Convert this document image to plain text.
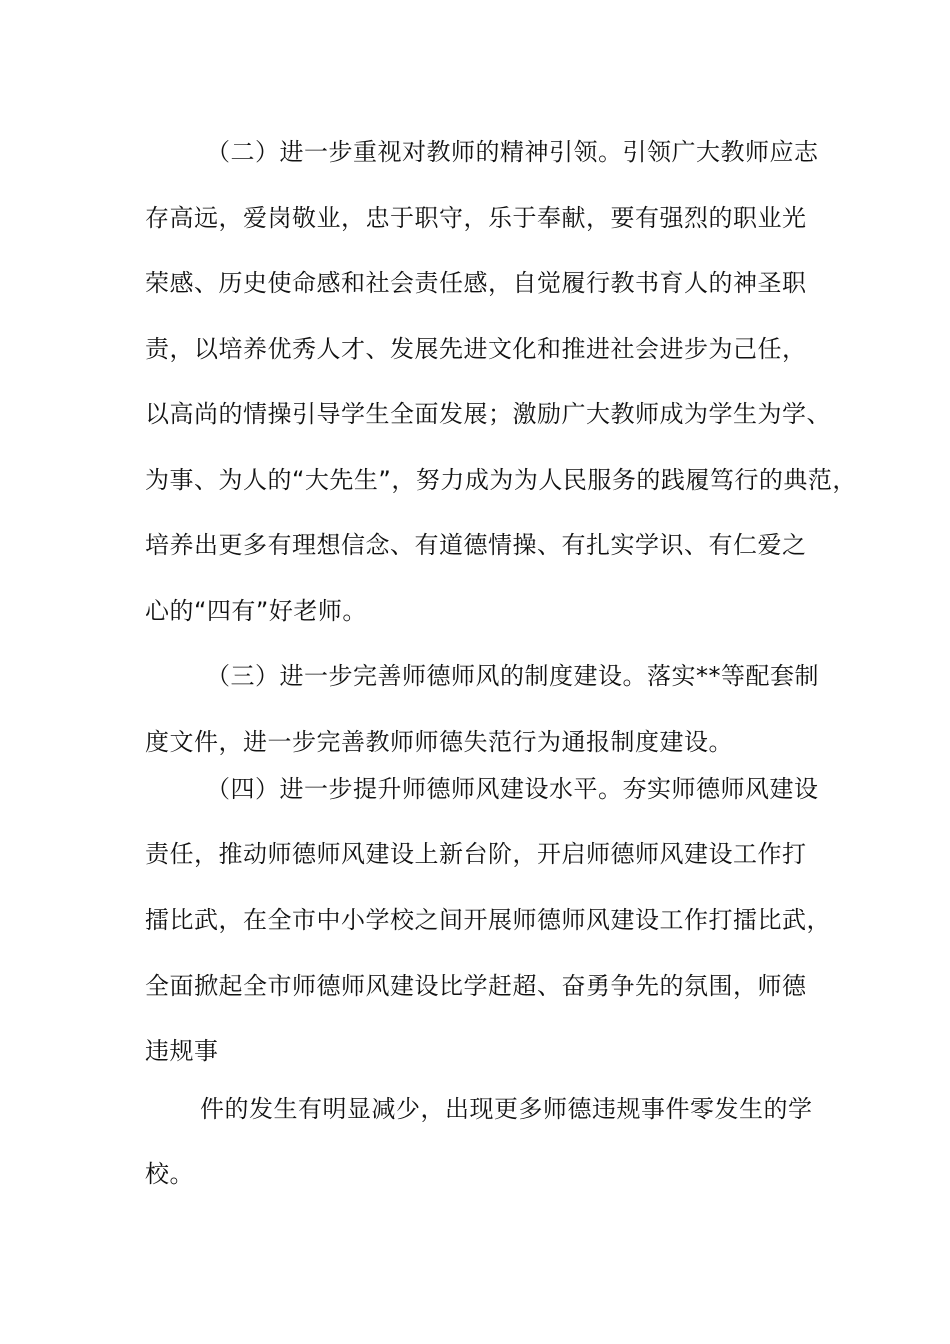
（二）进一步重视对教师的精神引领。引领广大教师应志
存高远，爱岗敬业，忠于职守，乐于奉献，要有强烈的职业光
荣感、历史使命感和社会责任感，自觉履行教书育人的神圣职
责，以培养优秀人才、发展先进文化和推进社会进步为己任，
以高尚的情操引导学生全面发展；激励广大教师成为学生为学、
为事、为人的“大先生”，努力成为为人民服务的践履笃行的典范，
培养出更多有理想信念、有道德情操、有扎实学识、有仁爱之
心的“四有”好老师。
（三）进一步完善师德师风的制度建设。落实**等配套制
度文件，进一步完善教师师德失范行为通报制度建设。
（四）进一步提升师德师风建设水平。夯实师德师风建设
责任，推动师德师风建设上新台阶，开启师德师风建设工作打
擂比武，在全市中小学校之间开展师德师风建设工作打擂比武，
全面掀起全市师德师风建设比学赶超、奋勇争先的氛围，师德
违规事
件的发生有明显减少，出现更多师德违规事件零发生的学
校。
